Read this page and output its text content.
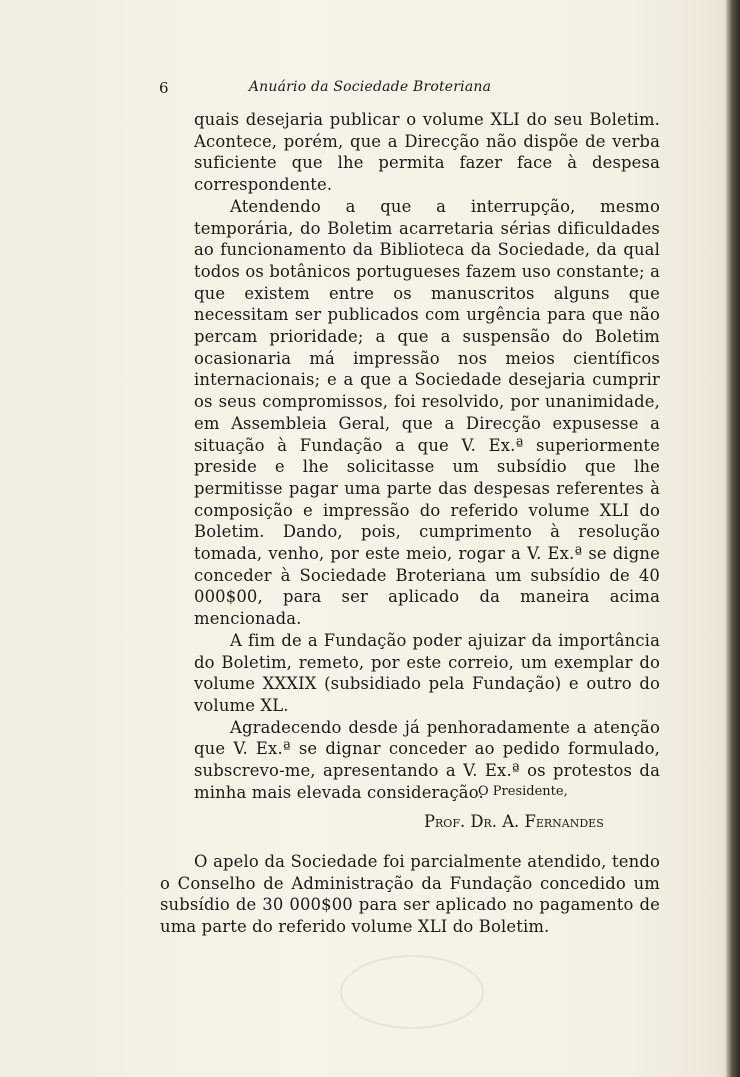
6	Anuário da Sociedade Broteriana

quais desejaria publicar o volume XLI do seu Boletim. Acontece, porém, que a Direcção não dispõe de verba suficiente que lhe permita fazer face à despesa correspondente.

Atendendo a que a interrupção, mesmo temporária, do Boletim acarretaria sérias dificuldades ao funcionamento da Biblioteca da Sociedade, da qual todos os botânicos portugueses fazem uso constante; a que existem entre os manuscritos alguns que necessitam ser publicados com urgência para que não percam prioridade; a que a suspensão do Boletim ocasionaria má impressão nos meios científicos internacionais; e a que a Sociedade desejaria cumprir os seus compromissos, foi resolvido, por unanimidade, em Assembleia Geral, que a Direcção expusesse a situação à Fundação a que V. Ex.ª superiormente preside e lhe solicitasse um subsídio que lhe permitisse pagar uma parte das despesas referentes à composição e impressão do referido volume XLI do Boletim. Dando, pois, cumprimento à resolução tomada, venho, por este meio, rogar a V. Ex.ª se digne conceder à Sociedade Broteriana um subsídio de 40 000$00, para ser aplicado da maneira acima mencionada.

A fim de a Fundação poder ajuizar da importância do Boletim, remeto, por este correio, um exemplar do volume XXXIX (subsidiado pela Fundação) e outro do volume XL.

Agradecendo desde já penhoradamente a atenção que V. Ex.ª se dignar conceder ao pedido formulado, subscrevo-me, apresentando a V. Ex.ª os protestos da minha mais elevada consideração.

O Presidente,
Prof. Dr. A. Fernandes

O apelo da Sociedade foi parcialmente atendido, tendo o Conselho de Administração da Fundação concedido um subsídio de 30 000$00 para ser aplicado no pagamento de uma parte do referido volume XLI do Boletim.
